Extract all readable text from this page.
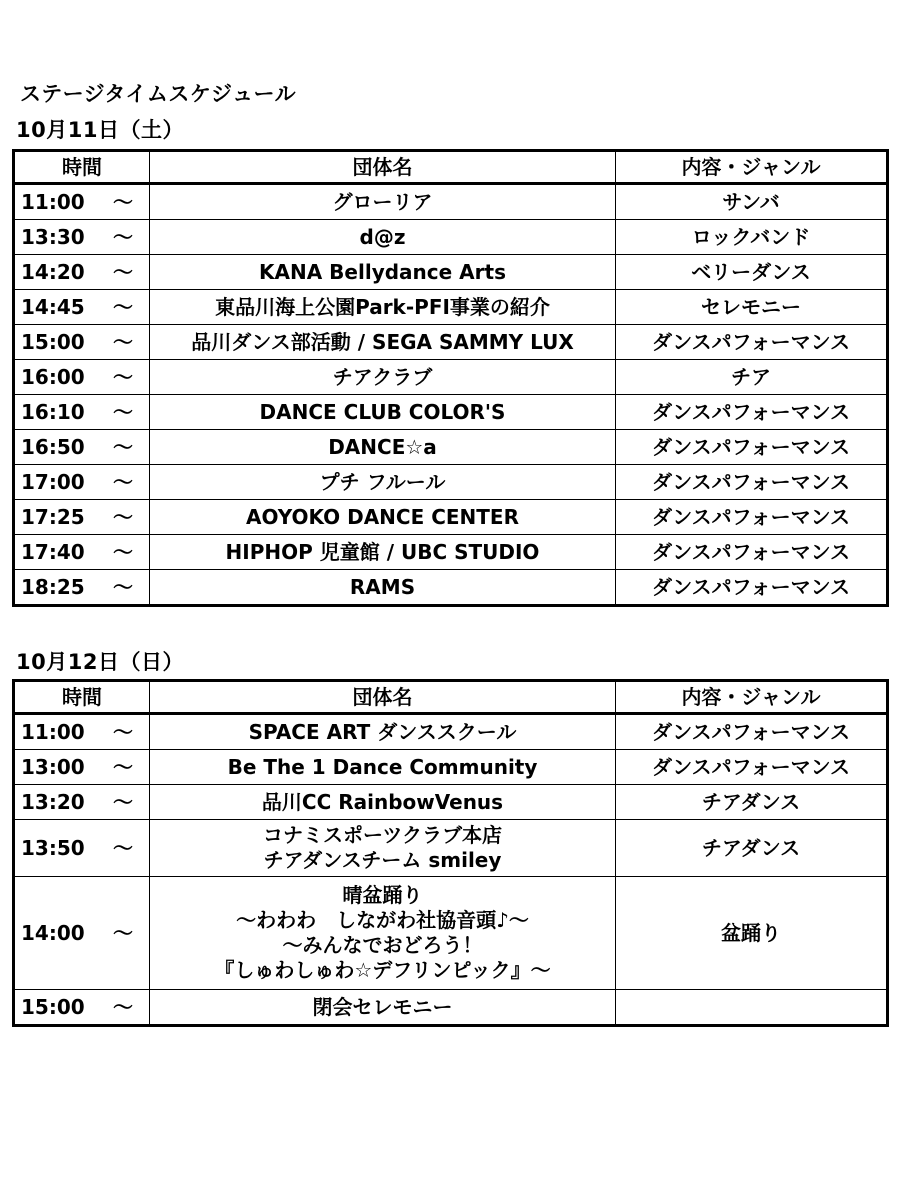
ステージタイムスケジュール
10月11日（土）
時間	団体名	内容・ジャンル
11:00 ～	グローリア	サンバ
13:30 ～	d@z	ロックバンド
14:20 ～	KANA Bellydance Arts	ベリーダンス
14:45 ～	東品川海上公園Park-PFI事業の紹介	セレモニー
15:00 ～	品川ダンス部活動 / SEGA SAMMY LUX	ダンスパフォーマンス
16:00 ～	チアクラブ	チア
16:10 ～	DANCE CLUB COLOR'S	ダンスパフォーマンス
16:50 ～	DANCE☆a	ダンスパフォーマンス
17:00 ～	プチ フルール	ダンスパフォーマンス
17:25 ～	AOYOKO DANCE CENTER	ダンスパフォーマンス
17:40 ～	HIPHOP 児童館 / UBC STUDIO	ダンスパフォーマンス
18:25 ～	RAMS	ダンスパフォーマンス
10月12日（日）
時間	団体名	内容・ジャンル
11:00 ～	SPACE ART ダンススクール	ダンスパフォーマンス
13:00 ～	Be The 1 Dance Community	ダンスパフォーマンス
13:20 ～	品川CC RainbowVenus	チアダンス
13:50 ～	コナミスポーツクラブ本店
チアダンスチーム smiley	チアダンス
14:00 ～	晴盆踊り
～わわわ　しながわ社協音頭♪～
～みんなでおどろう！
『しゅわしゅわ☆デフリンピック』～	盆踊り
15:00 ～	閉会セレモニー	
